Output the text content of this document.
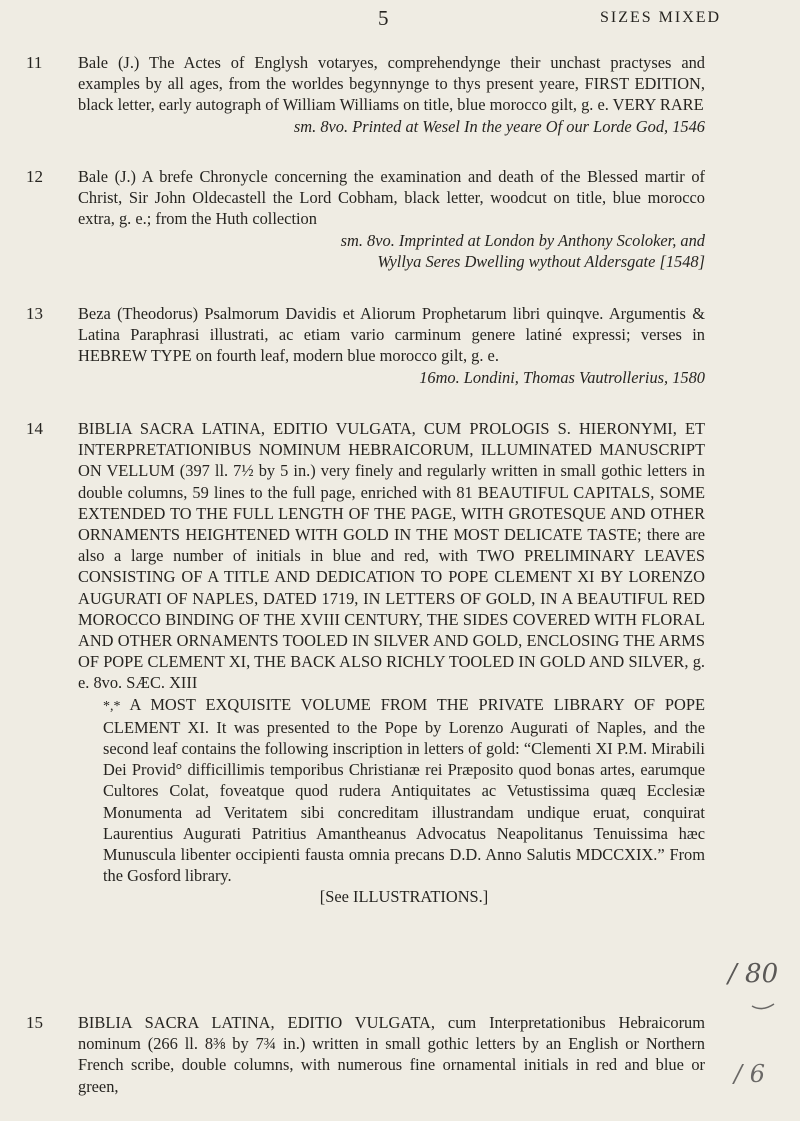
5	SIZES MIXED
11 Bale (J.) The Actes of Englysh votaryes, comprehendynge their unchast practyses and examples by all ages, from the worldes begynnynge to thys present yeare, FIRST EDITION, black letter, early autograph of William Williams on title, blue morocco gilt, g. e. VERY RARE

sm. 8vo. Printed at Wesel In the yeare Of our Lorde God, 1546
12 Bale (J.) A brefe Chronycle concerning the examination and death of the Blessed martir of Christ, Sir John Oldecastell the Lord Cobham, black letter, woodcut on title, blue morocco extra, g. e.; from the Huth collection

sm. 8vo. Imprinted at London by Anthony Scoloker, and
Wyllya Seres Dwelling wythout Aldersgate [1548]
13 Beza (Theodorus) Psalmorum Davidis et Aliorum Prophetarum libri quinqve. Argumentis & Latina Paraphrasi illustrati, ac etiam vario carminum genere latiné expressi; verses in HEBREW TYPE on fourth leaf, modern blue morocco gilt, g. e.

16mo. Londini, Thomas Vautrollerius, 1580
14 BIBLIA SACRA LATINA, EDITIO VULGATA, CUM PROLOGIS S. HIERONYMI, ET INTERPRETATIONIBUS NOMINUM HEBRAICORUM, ILLUMINATED MANUSCRIPT ON VELLUM (397 ll. 7½ by 5 in.) very finely and regularly written in small gothic letters in double columns, 59 lines to the full page, enriched with 81 BEAUTIFUL CAPITALS, SOME EXTENDED TO THE FULL LENGTH OF THE PAGE, WITH GROTESQUE AND OTHER ORNAMENTS HEIGHTENED WITH GOLD IN THE MOST DELICATE TASTE; there are also a large number of initials in blue and red, with TWO PRELIMINARY LEAVES CONSISTING OF A TITLE AND DEDICATION TO POPE CLEMENT XI BY LORENZO AUGURATI OF NAPLES, DATED 1719, IN LETTERS OF GOLD, IN A BEAUTIFUL RED MOROCCO BINDING OF THE XVIII CENTURY, THE SIDES COVERED WITH FLORAL AND OTHER ORNAMENTS TOOLED IN SILVER AND GOLD, ENCLOSING THE ARMS OF POPE CLEMENT XI, THE BACK ALSO RICHLY TOOLED IN GOLD AND SILVER, g. e. 8vo. SÆC. XIII

*,* A MOST EXQUISITE VOLUME FROM THE PRIVATE LIBRARY OF POPE CLEMENT XI. It was presented to the Pope by Lorenzo Augurati of Naples, and the second leaf contains the following inscription in letters of gold: “Clementi XI P.M. Mirabili Dei Provid° difficillimis temporibus Christianæ rei Præposito quod bonas artes, earumque Cultores Colat, foveatque quod rudera Antiquitates ac Vetustissima quæq Ecclesiæ Monumenta ad Veritatem sibi concreditam illustrandam undique eruat, conquirat Laurentius Augurati Patritius Amantheanus Advocatus Neapolitanus Tenuissima hæc Munuscula libenter occipienti fausta omnia precans D.D. Anno Salutis MDCCXIX.” From the Gosford library.

[See ILLUSTRATIONS.]
15 BIBLIA SACRA LATINA, EDITIO VULGATA, cum Interpretationibus Hebraicorum nominum (266 ll. 8⅜ by 7¾ in.) written in small gothic letters by an English or Northern French scribe, double columns, with numerous fine ornamental initials in red and blue or green,

/ 80
/ 6
